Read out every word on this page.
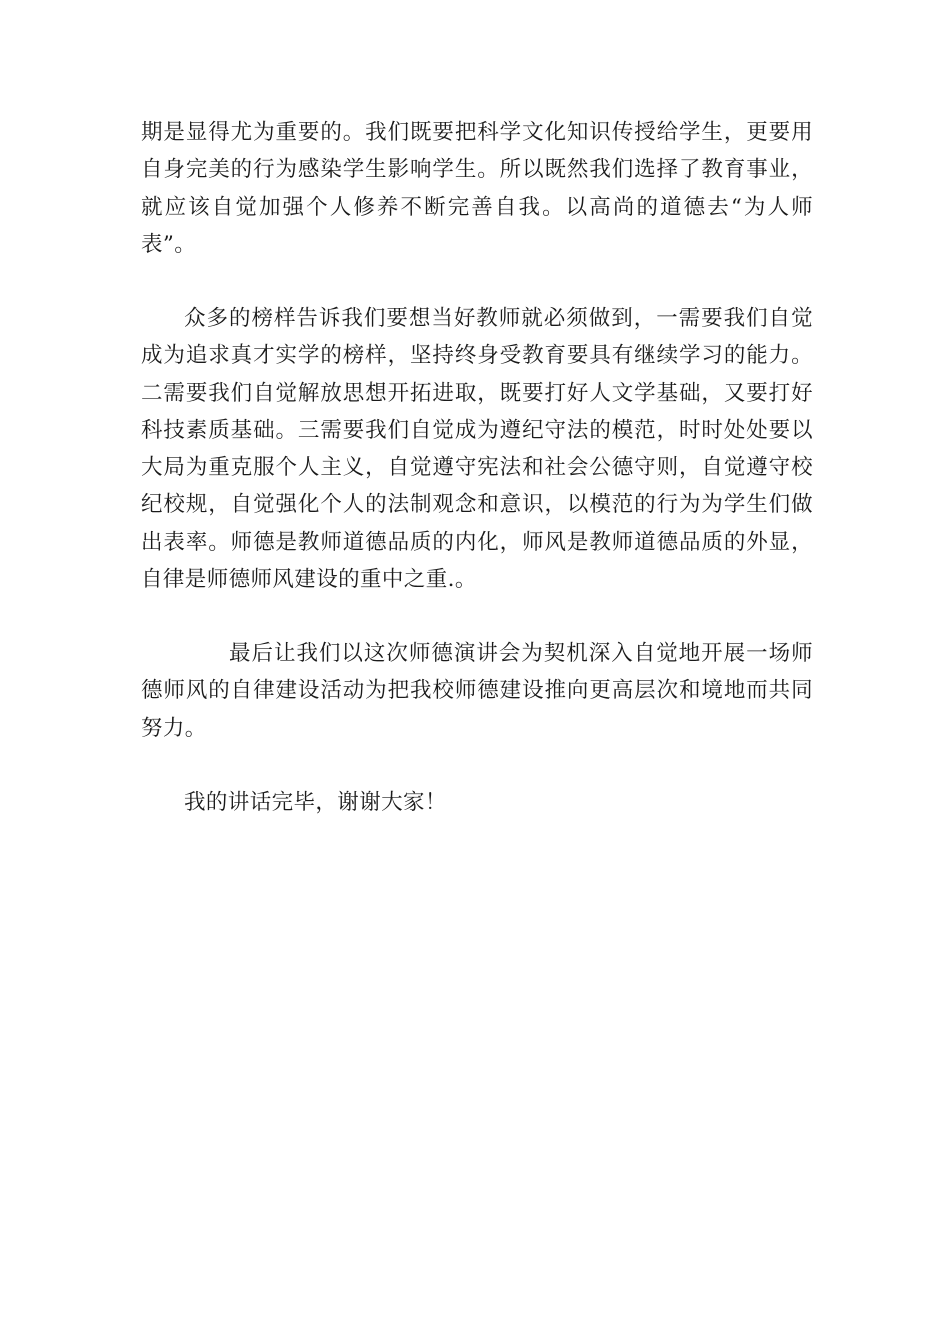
期是显得尤为重要的。我们既要把科学文化知识传授给学生，更要用自身完美的行为感染学生影响学生。所以既然我们选择了教育事业，就应该自觉加强个人修养不断完善自我。以高尚的道德去“为人师表”。

众多的榜样告诉我们要想当好教师就必须做到，一需要我们自觉成为追求真才实学的榜样，坚持终身受教育要具有继续学习的能力。二需要我们自觉解放思想开拓进取，既要打好人文学基础，又要打好科技素质基础。三需要我们自觉成为遵纪守法的模范，时时处处要以大局为重克服个人主义，自觉遵守宪法和社会公德守则，自觉遵守校纪校规，自觉强化个人的法制观念和意识，以模范的行为为学生们做出表率。师德是教师道德品质的内化，师风是教师道德品质的外显，自律是师德师风建设的重中之重.。

最后让我们以这次师德演讲会为契机深入自觉地开展一场师德师风的自律建设活动为把我校师德建设推向更高层次和境地而共同努力。

我的讲话完毕，谢谢大家！
